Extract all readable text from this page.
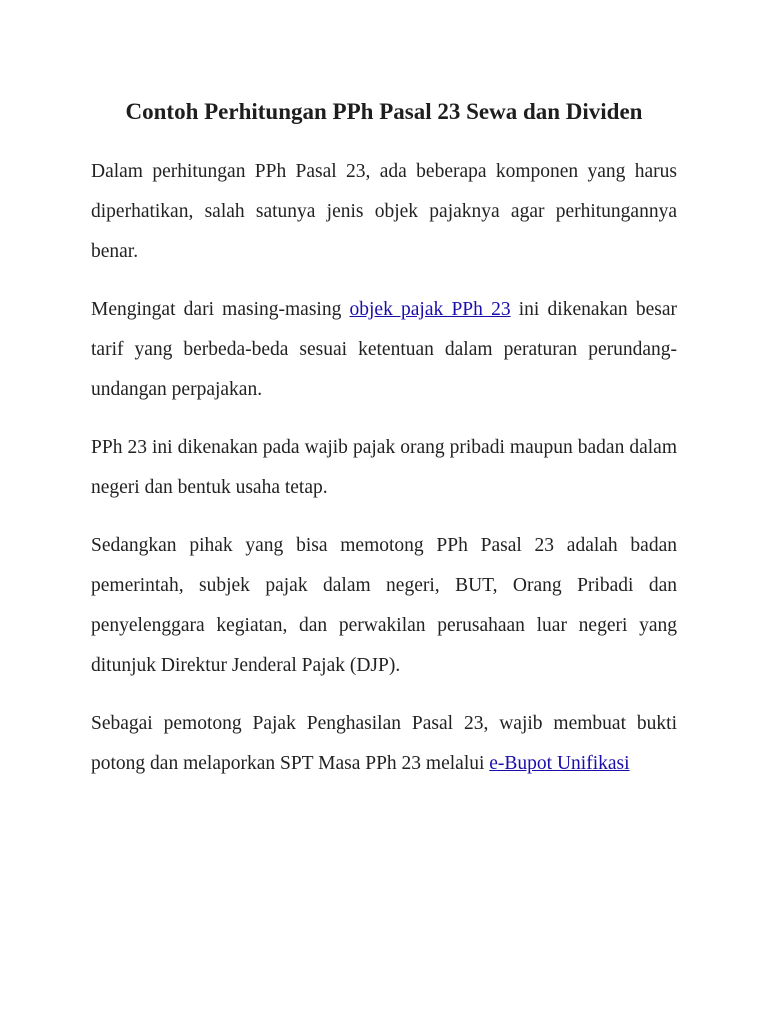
Contoh Perhitungan PPh Pasal 23 Sewa dan Dividen

Dalam perhitungan PPh Pasal 23, ada beberapa komponen yang harus diperhatikan, salah satunya jenis objek pajaknya agar perhitungannya benar.

Mengingat dari masing-masing objek pajak PPh 23 ini dikenakan besar tarif yang berbeda-beda sesuai ketentuan dalam peraturan perundang-undangan perpajakan.

PPh 23 ini dikenakan pada wajib pajak orang pribadi maupun badan dalam negeri dan bentuk usaha tetap.

Sedangkan pihak yang bisa memotong PPh Pasal 23 adalah badan pemerintah, subjek pajak dalam negeri, BUT, Orang Pribadi dan penyelenggara kegiatan, dan perwakilan perusahaan luar negeri yang ditunjuk Direktur Jenderal Pajak (DJP).

Sebagai pemotong Pajak Penghasilan Pasal 23, wajib membuat bukti potong dan melaporkan SPT Masa PPh 23 melalui e-Bupot Unifikasi
